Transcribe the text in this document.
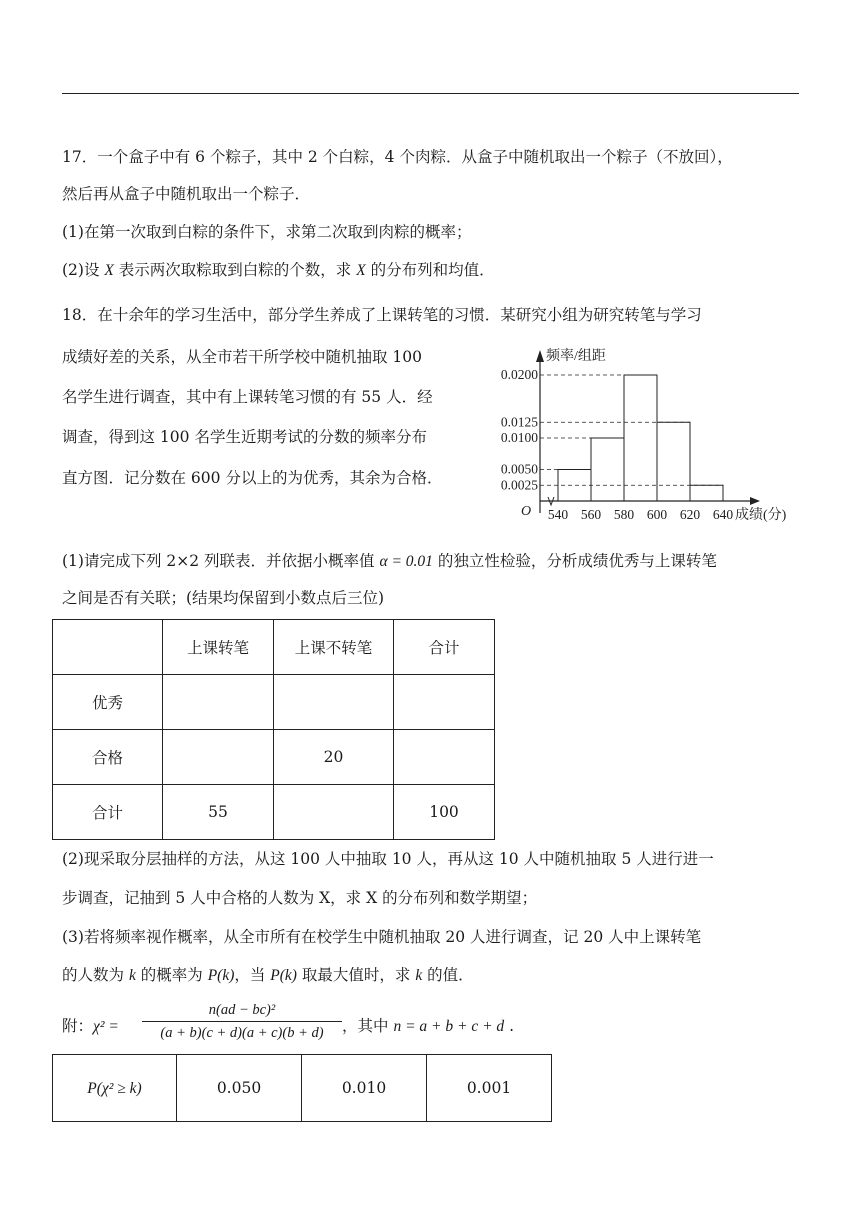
17．一个盒子中有 6 个粽子，其中 2 个白粽，4 个肉粽．从盒子中随机取出一个粽子（不放回），
然后再从盒子中随机取出一个粽子．
(1)在第一次取到白粽的条件下，求第二次取到肉粽的概率；
(2)设 X 表示两次取粽取到白粽的个数，求 X 的分布列和均值．
18．在十余年的学习生活中，部分学生养成了上课转笔的习惯．某研究小组为研究转笔与学习
成绩好差的关系，从全市若干所学校中随机抽取 100
名学生进行调查，其中有上课转笔习惯的有 55 人．经
调查，得到这 100 名学生近期考试的分数的频率分布
直方图．记分数在 600 分以上的为优秀，其余为合格．
0.0200
0.0125
0.0100
0.0050
0.0025
540 560 580 600 620 640 成绩(分)
频率/组距
O
(1)请完成下列 2×2 列联表．并依据小概率值 α = 0.01 的独立性检验，分析成绩优秀与上课转笔
之间是否有关联；(结果均保留到小数点后三位)
	上课转笔	上课不转笔	合计
优秀			
合格		20	
合计	55		100
(2)现采取分层抽样的方法，从这 100 人中抽取 10 人，再从这 10 人中随机抽取 5 人进行进一
步调查，记抽到 5 人中合格的人数为 X，求 X 的分布列和数学期望；
(3)若将频率视作概率，从全市所有在校学生中随机抽取 20 人进行调查，记 20 人中上课转笔
的人数为 k 的概率为 P(k)，当 P(k) 取最大值时，求 k 的值．
附：$\chi^2 = \frac{\text{n(ad − bc)²}}{(a + b)(c + d)(a + c)(b + d)}$ ，其中 n = a + b + c + d .
P(χ² ≥ k)	0.050	0.010	0.001
